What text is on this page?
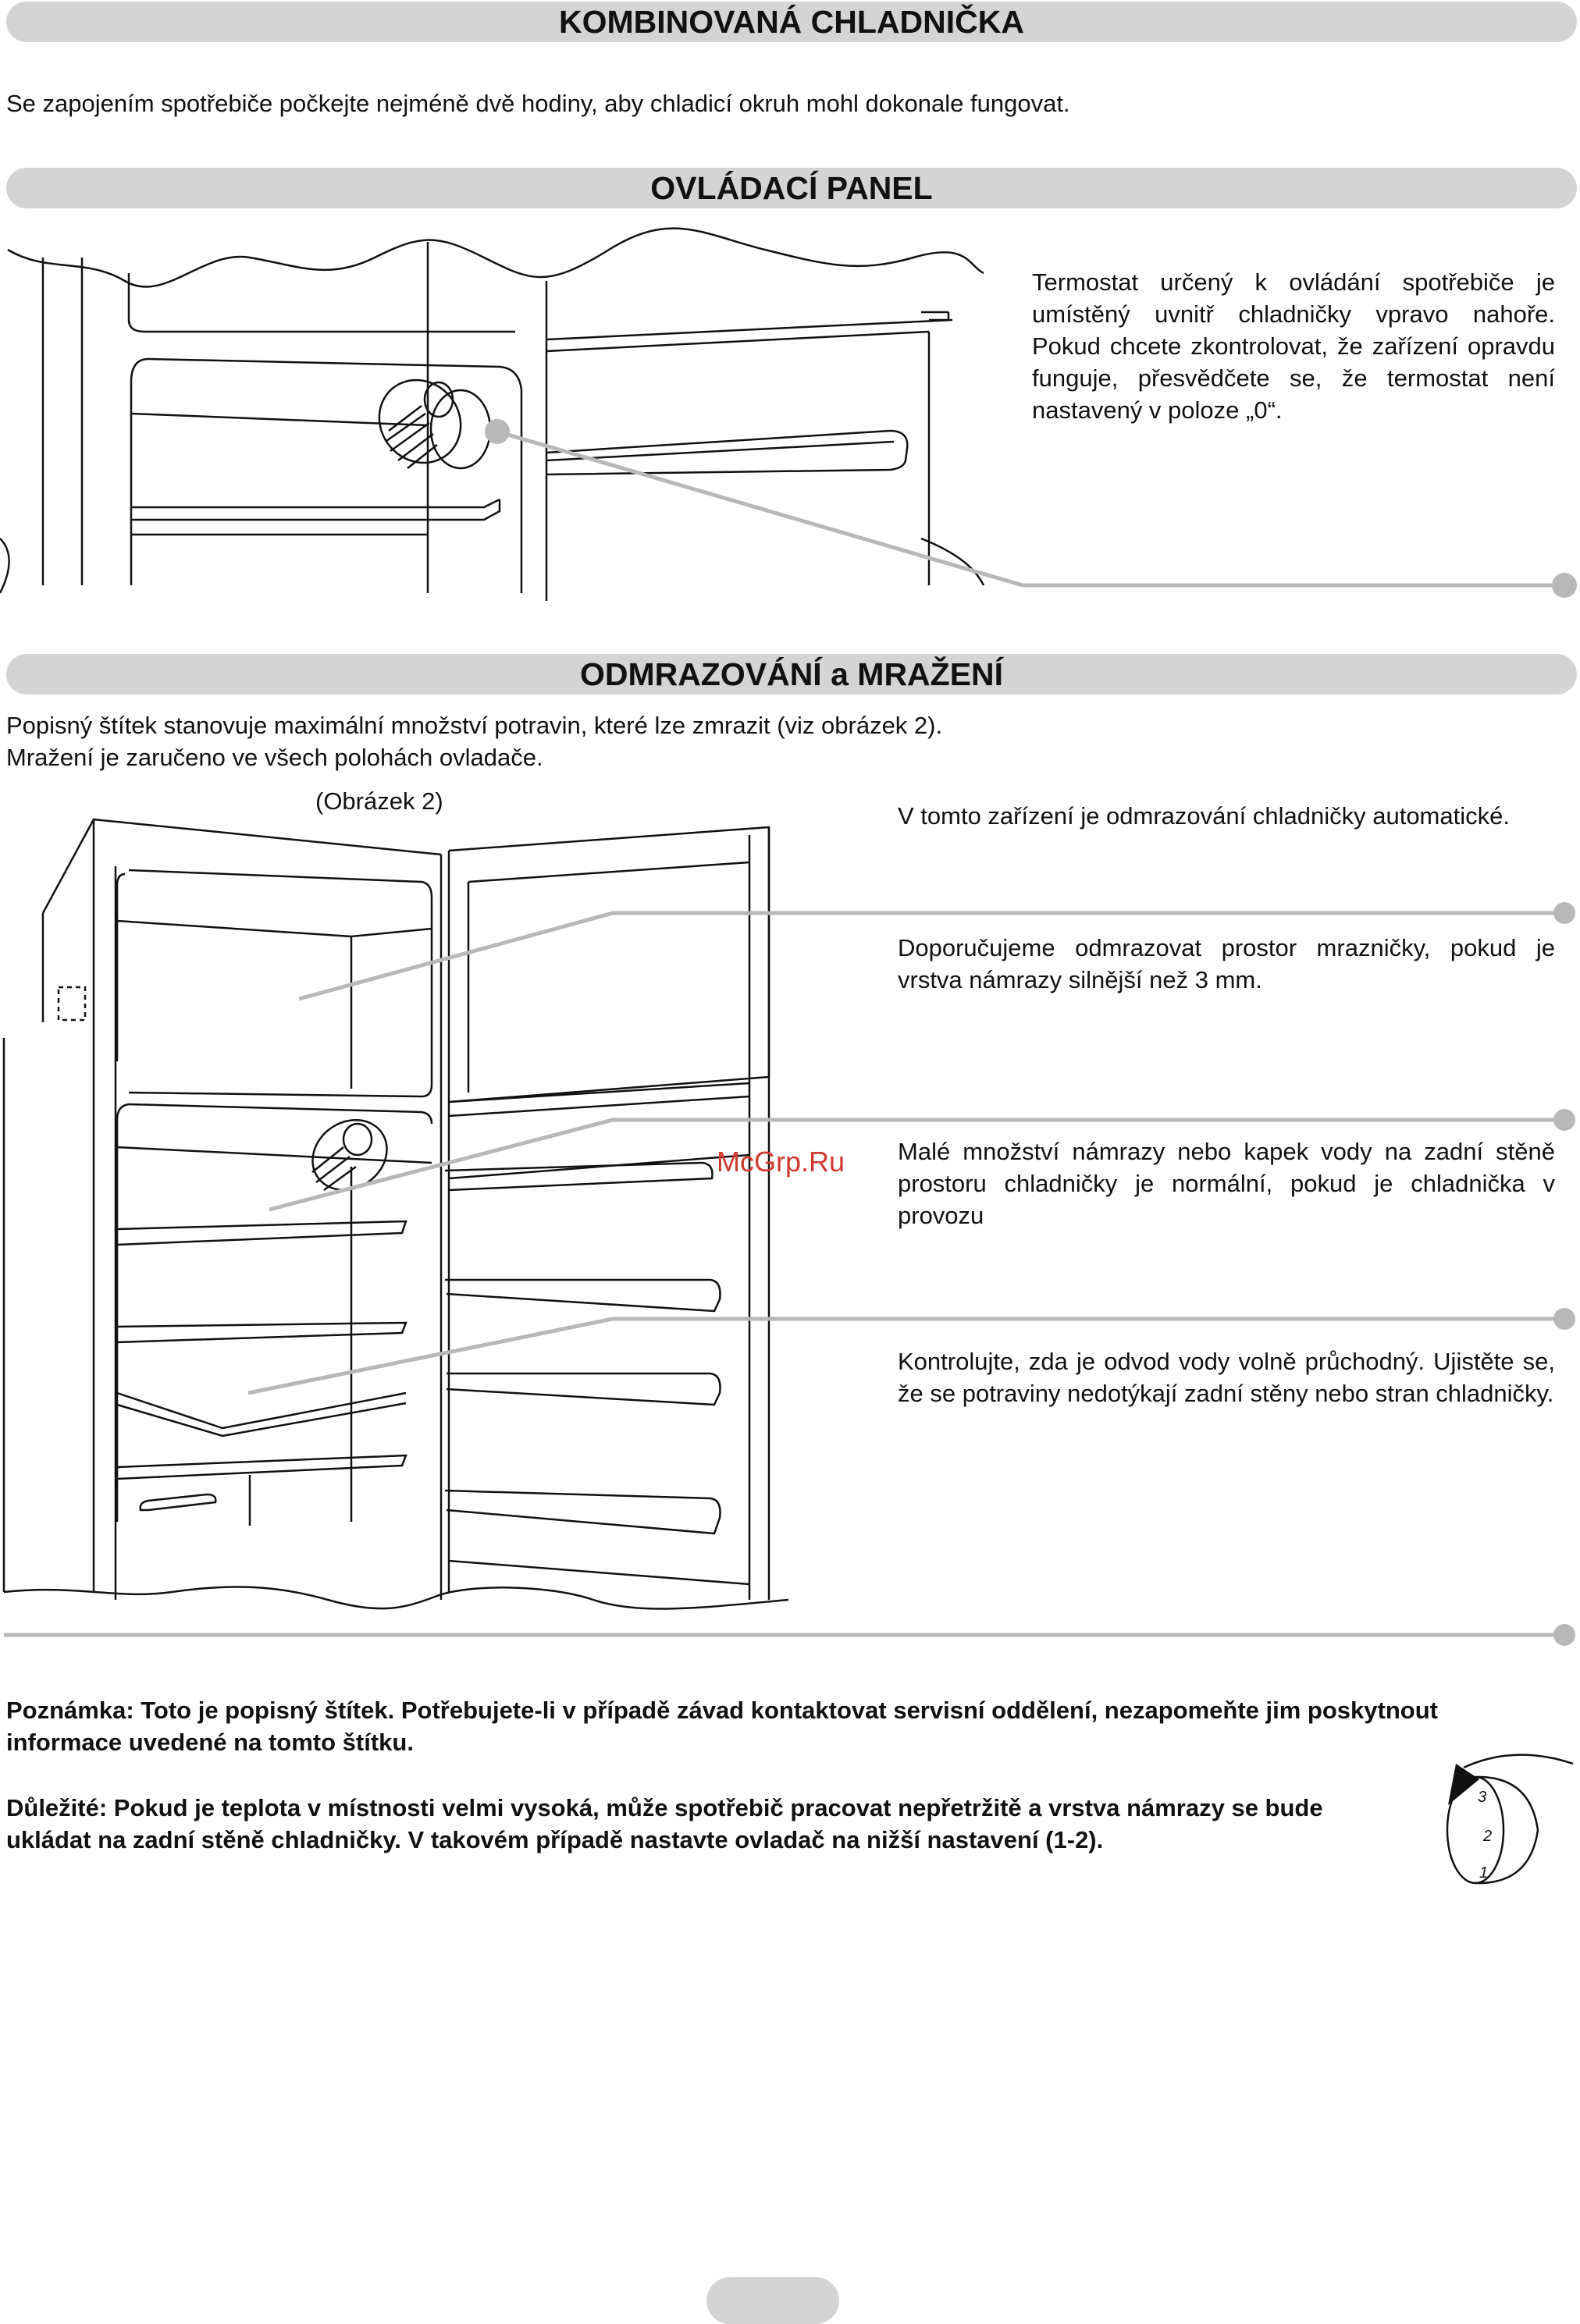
KOMBINOVANÁ CHLADNIČKA
Se zapojením spotřebiče počkejte nejméně dvě hodiny, aby chladicí okruh mohl dokonale fungovat.
OVLÁDACÍ PANEL
Termostat určený k ovládání spotřebiče je umístěný uvnitř chladničky vpravo nahoře. Pokud chcete zkontrolovat, že zařízení opravdu funguje, přesvědčete se, že termostat není nastavený v poloze „0“.
ODMRAZOVÁNÍ a MRAŽENÍ
Popisný štítek stanovuje maximální množství potravin, které lze zmrazit (viz obrázek 2).
Mražení je zaručeno ve všech polohách ovladače.
(Obrázek 2)
McGrp.Ru
V tomto zařízení je odmrazování chladničky automatické.
Doporučujeme odmrazovat prostor mrazničky, pokud je vrstva námrazy silnější než 3 mm.
Malé množství námrazy nebo kapek vody na zadní stěně prostoru chladničky je normální, pokud je chladnička v provozu
Kontrolujte, zda je odvod vody volně průchodný. Ujistěte se, že se potraviny nedotýkají zadní stěny nebo stran chladničky.
Poznámka: Toto je popisný štítek. Potřebujete-li v případě závad kontaktovat servisní oddělení, nezapomeňte jim poskytnout informace uvedené na tomto štítku.
Důležité: Pokud je teplota v místnosti velmi vysoká, může spotřebič pracovat nepřetržitě a vrstva námrazy se bude ukládat na zadní stěně chladničky. V takovém případě nastavte ovladač na nižší nastavení (1-2).
3
2
1
